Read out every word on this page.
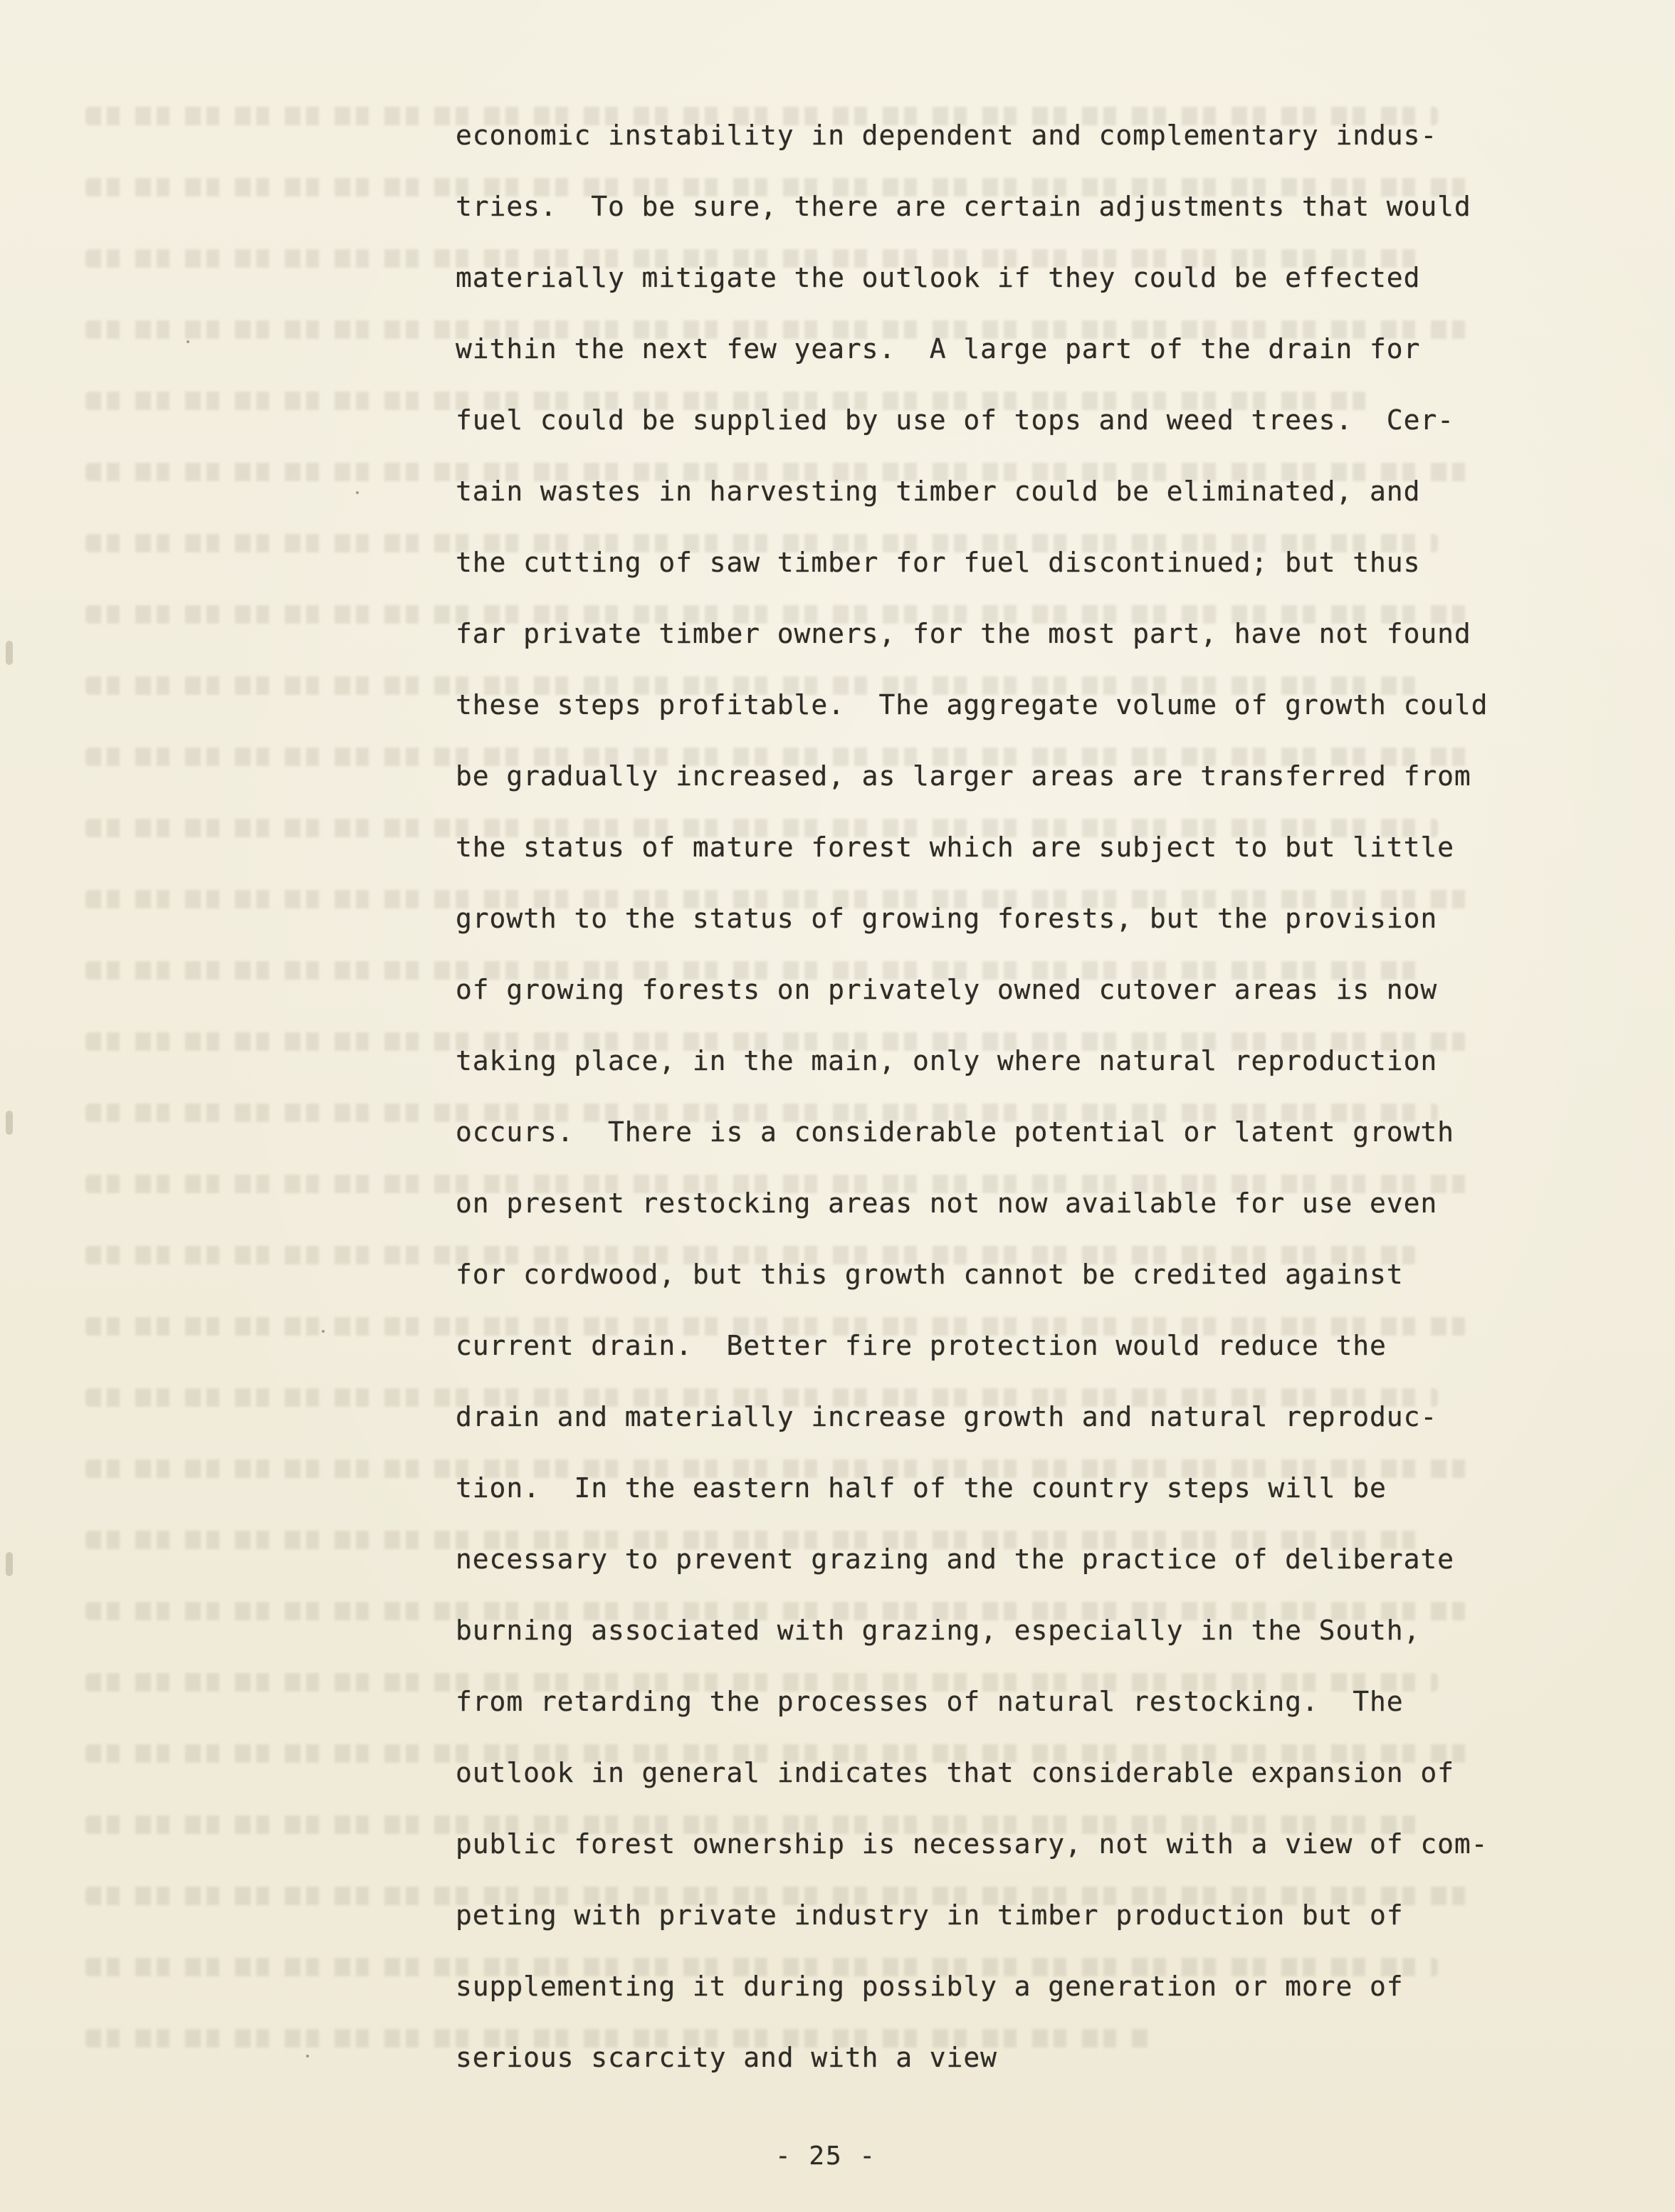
economic instability in dependent and complementary indus-
tries.  To be sure, there are certain adjustments that would
materially mitigate the outlook if they could be effected
within the next few years.  A large part of the drain for
fuel could be supplied by use of tops and weed trees.  Cer-
tain wastes in harvesting timber could be eliminated, and
the cutting of saw timber for fuel discontinued; but thus
far private timber owners, for the most part, have not found
these steps profitable.  The aggregate volume of growth could
be gradually increased, as larger areas are transferred from
the status of mature forest which are subject to but little
growth to the status of growing forests, but the provision
of growing forests on privately owned cutover areas is now
taking place, in the main, only where natural reproduction
occurs.  There is a considerable potential or latent growth
on present restocking areas not now available for use even
for cordwood, but this growth cannot be credited against
current drain.  Better fire protection would reduce the
drain and materially increase growth and natural reproduc-
tion.  In the eastern half of the country steps will be
necessary to prevent grazing and the practice of deliberate
burning associated with grazing, especially in the South,
from retarding the processes of natural restocking.  The
outlook in general indicates that considerable expansion of
public forest ownership is necessary, not with a view of com-
peting with private industry in timber production but of
supplementing it during possibly a generation or more of
serious scarcity and with a view
- 25 -
